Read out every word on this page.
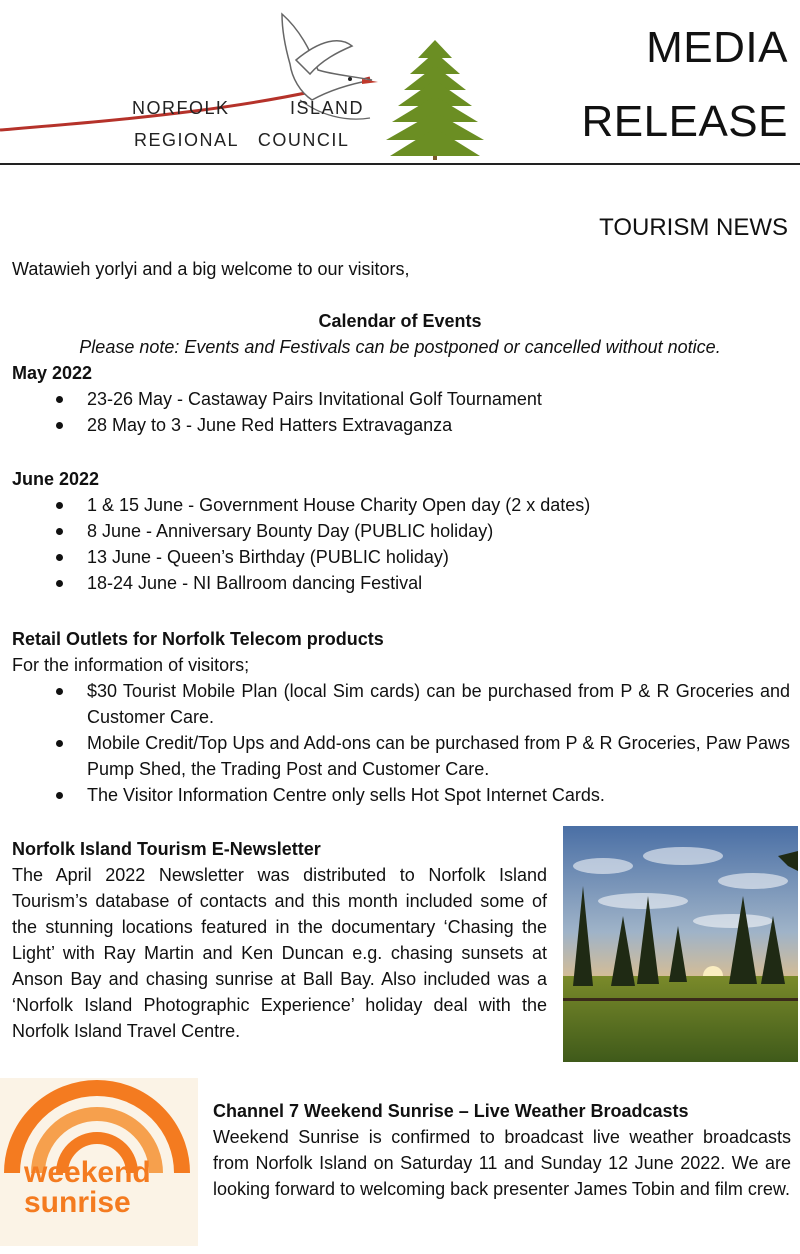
NORFOLK	ISLAND
REGIONAL   COUNCIL
MEDIA
RELEASE
TOURISM NEWS
Watawieh yorlyi and a big welcome to our visitors,
Calendar of Events
Please note: Events and Festivals can be postponed or cancelled without notice.
May 2022
23-26 May - Castaway Pairs Invitational Golf Tournament
28 May to 3 - June Red Hatters Extravaganza
June 2022
1 & 15 June - Government House Charity Open day (2 x dates)
8 June - Anniversary Bounty Day (PUBLIC holiday)
13 June - Queen’s Birthday (PUBLIC holiday)
18-24 June - NI Ballroom dancing Festival
Retail Outlets for Norfolk Telecom products
For the information of visitors;
$30 Tourist Mobile Plan (local Sim cards) can be purchased from P & R Groceries and Customer Care.
Mobile Credit/Top Ups and Add-ons can be purchased from P & R Groceries, Paw Paws Pump Shed, the Trading Post and Customer Care.
The Visitor Information Centre only sells Hot Spot Internet Cards.
Norfolk Island Tourism E-Newsletter
The April 2022 Newsletter was distributed to Norfolk Island Tourism’s database of contacts and this month included some of the stunning locations featured in the documentary ‘Chasing the Light’ with Ray Martin and Ken Duncan e.g. chasing sunsets at Anson Bay and chasing sunrise at Ball Bay. Also included was a ‘Norfolk Island Photographic Experience’ holiday deal with the Norfolk Island Travel Centre.
weekend
sunrise
Channel 7 Weekend Sunrise – Live Weather Broadcasts
Weekend Sunrise is confirmed to broadcast live weather broadcasts from Norfolk Island on Saturday 11 and Sunday 12 June 2022. We are looking forward to welcoming back presenter James Tobin and film crew.
